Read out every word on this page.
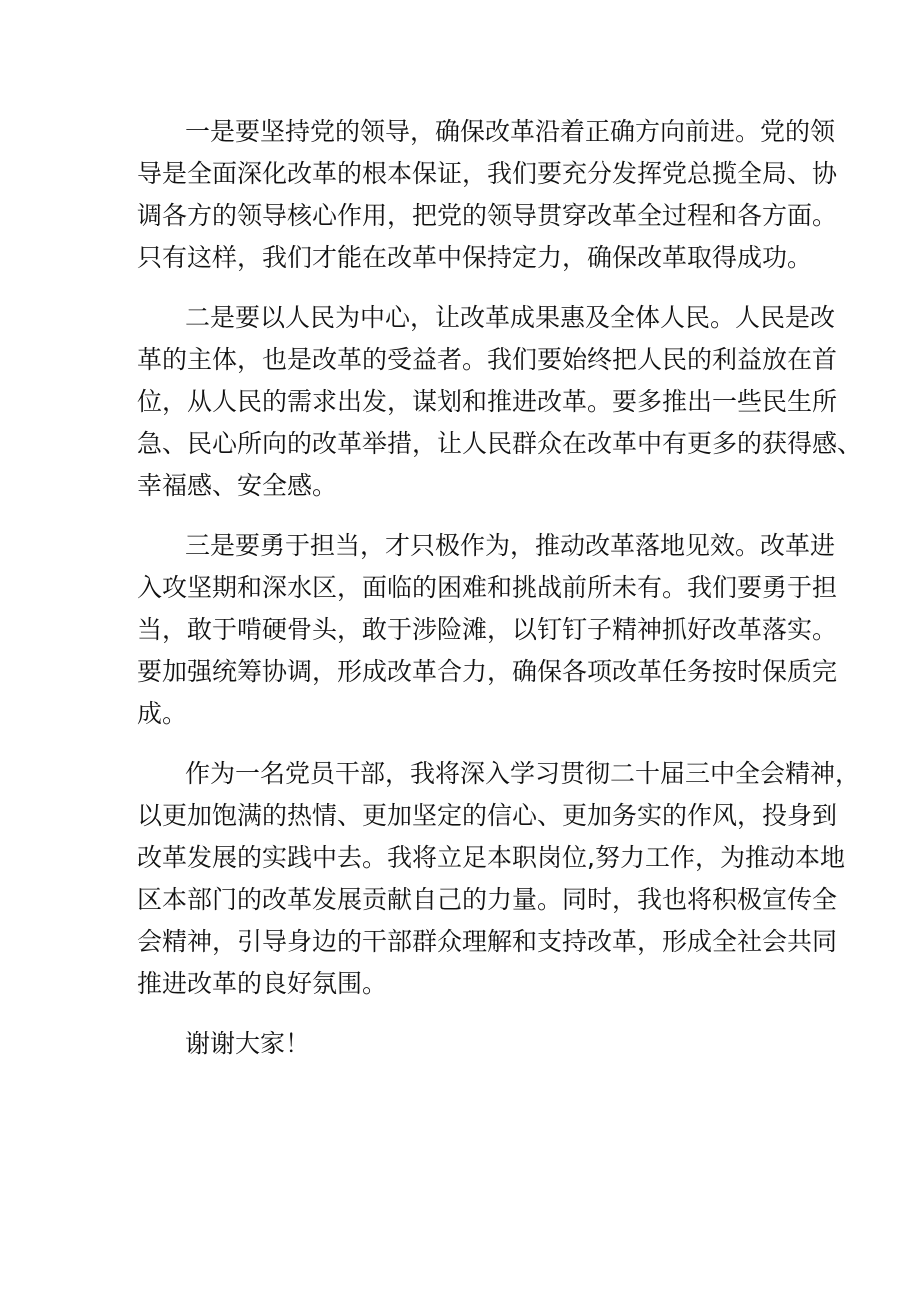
一是要坚持党的领导，确保改革沿着正确方向前进。党的领
导是全面深化改革的根本保证，我们要充分发挥党总揽全局、协
调各方的领导核心作用，把党的领导贯穿改革全过程和各方面。
只有这样，我们才能在改革中保持定力，确保改革取得成功。

二是要以人民为中心，让改革成果惠及全体人民。人民是改
革的主体，也是改革的受益者。我们要始终把人民的利益放在首
位，从人民的需求出发，谋划和推进改革。要多推出一些民生所
急、民心所向的改革举措，让人民群众在改革中有更多的获得感、
幸福感、安全感。

三是要勇于担当，才只极作为，推动改革落地见效。改革进
入攻坚期和深水区，面临的困难和挑战前所未有。我们要勇于担
当，敢于啃硬骨头，敢于涉险滩，以钉钉子精神抓好改革落实。
要加强统筹协调，形成改革合力，确保各项改革任务按时保质完
成。

作为一名党员干部，我将深入学习贯彻二十届三中全会精神，
以更加饱满的热情、更加坚定的信心、更加务实的作风，投身到
改革发展的实践中去。我将立足本职岗位,努力工作，为推动本地
区本部门的改革发展贡献自己的力量。同时，我也将积极宣传全
会精神，引导身边的干部群众理解和支持改革，形成全社会共同
推进改革的良好氛围。

谢谢大家！
